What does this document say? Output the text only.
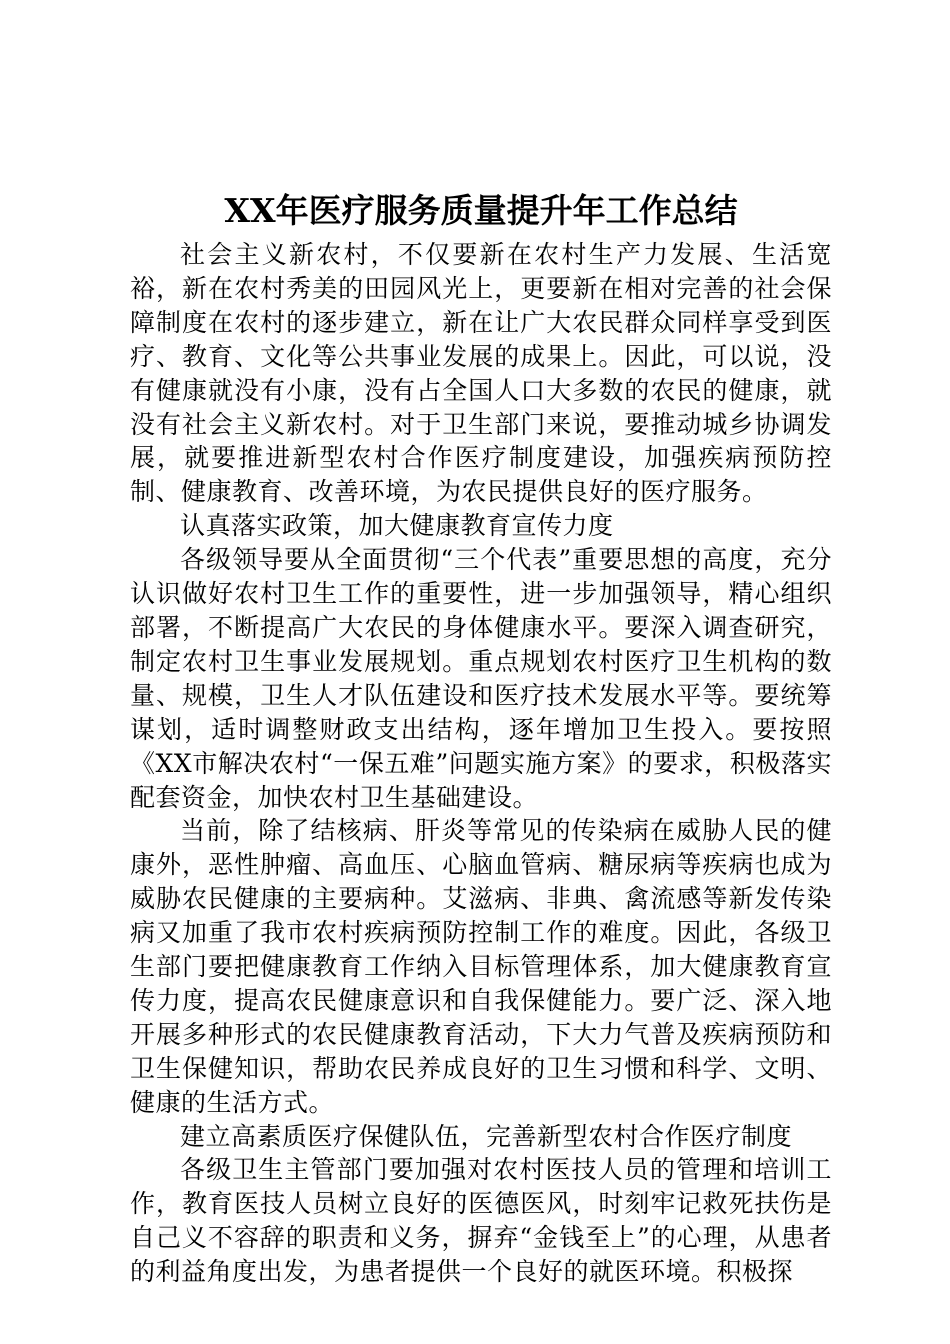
XX年医疗服务质量提升年工作总结

社会主义新农村，不仅要新在农村生产力发展、生活宽裕，新在农村秀美的田园风光上，更要新在相对完善的社会保障制度在农村的逐步建立，新在让广大农民群众同样享受到医疗、教育、文化等公共事业发展的成果上。因此，可以说，没有健康就没有小康，没有占全国人口大多数的农民的健康，就没有社会主义新农村。对于卫生部门来说，要推动城乡协调发展，就要推进新型农村合作医疗制度建设，加强疾病预防控制、健康教育、改善环境，为农民提供良好的医疗服务。

认真落实政策，加大健康教育宣传力度

各级领导要从全面贯彻“三个代表”重要思想的高度，充分认识做好农村卫生工作的重要性，进一步加强领导，精心组织部署，不断提高广大农民的身体健康水平。要深入调查研究，制定农村卫生事业发展规划。重点规划农村医疗卫生机构的数量、规模，卫生人才队伍建设和医疗技术发展水平等。要统筹谋划，适时调整财政支出结构，逐年增加卫生投入。要按照《XX市解决农村“一保五难”问题实施方案》的要求，积极落实配套资金，加快农村卫生基础建设。

当前，除了结核病、肝炎等常见的传染病在威胁人民的健康外，恶性肿瘤、高血压、心脑血管病、糖尿病等疾病也成为威胁农民健康的主要病种。艾滋病、非典、禽流感等新发传染病又加重了我市农村疾病预防控制工作的难度。因此，各级卫生部门要把健康教育工作纳入目标管理体系，加大健康教育宣传力度，提高农民健康意识和自我保健能力。要广泛、深入地开展多种形式的农民健康教育活动，下大力气普及疾病预防和卫生保健知识，帮助农民养成良好的卫生习惯和科学、文明、健康的生活方式。

建立高素质医疗保健队伍，完善新型农村合作医疗制度

各级卫生主管部门要加强对农村医技人员的管理和培训工作，教育医技人员树立良好的医德医风，时刻牢记救死扶伤是自己义不容辞的职责和义务，摒弃“金钱至上”的心理，从患者的利益角度出发，为患者提供一个良好的就医环境。积极探
